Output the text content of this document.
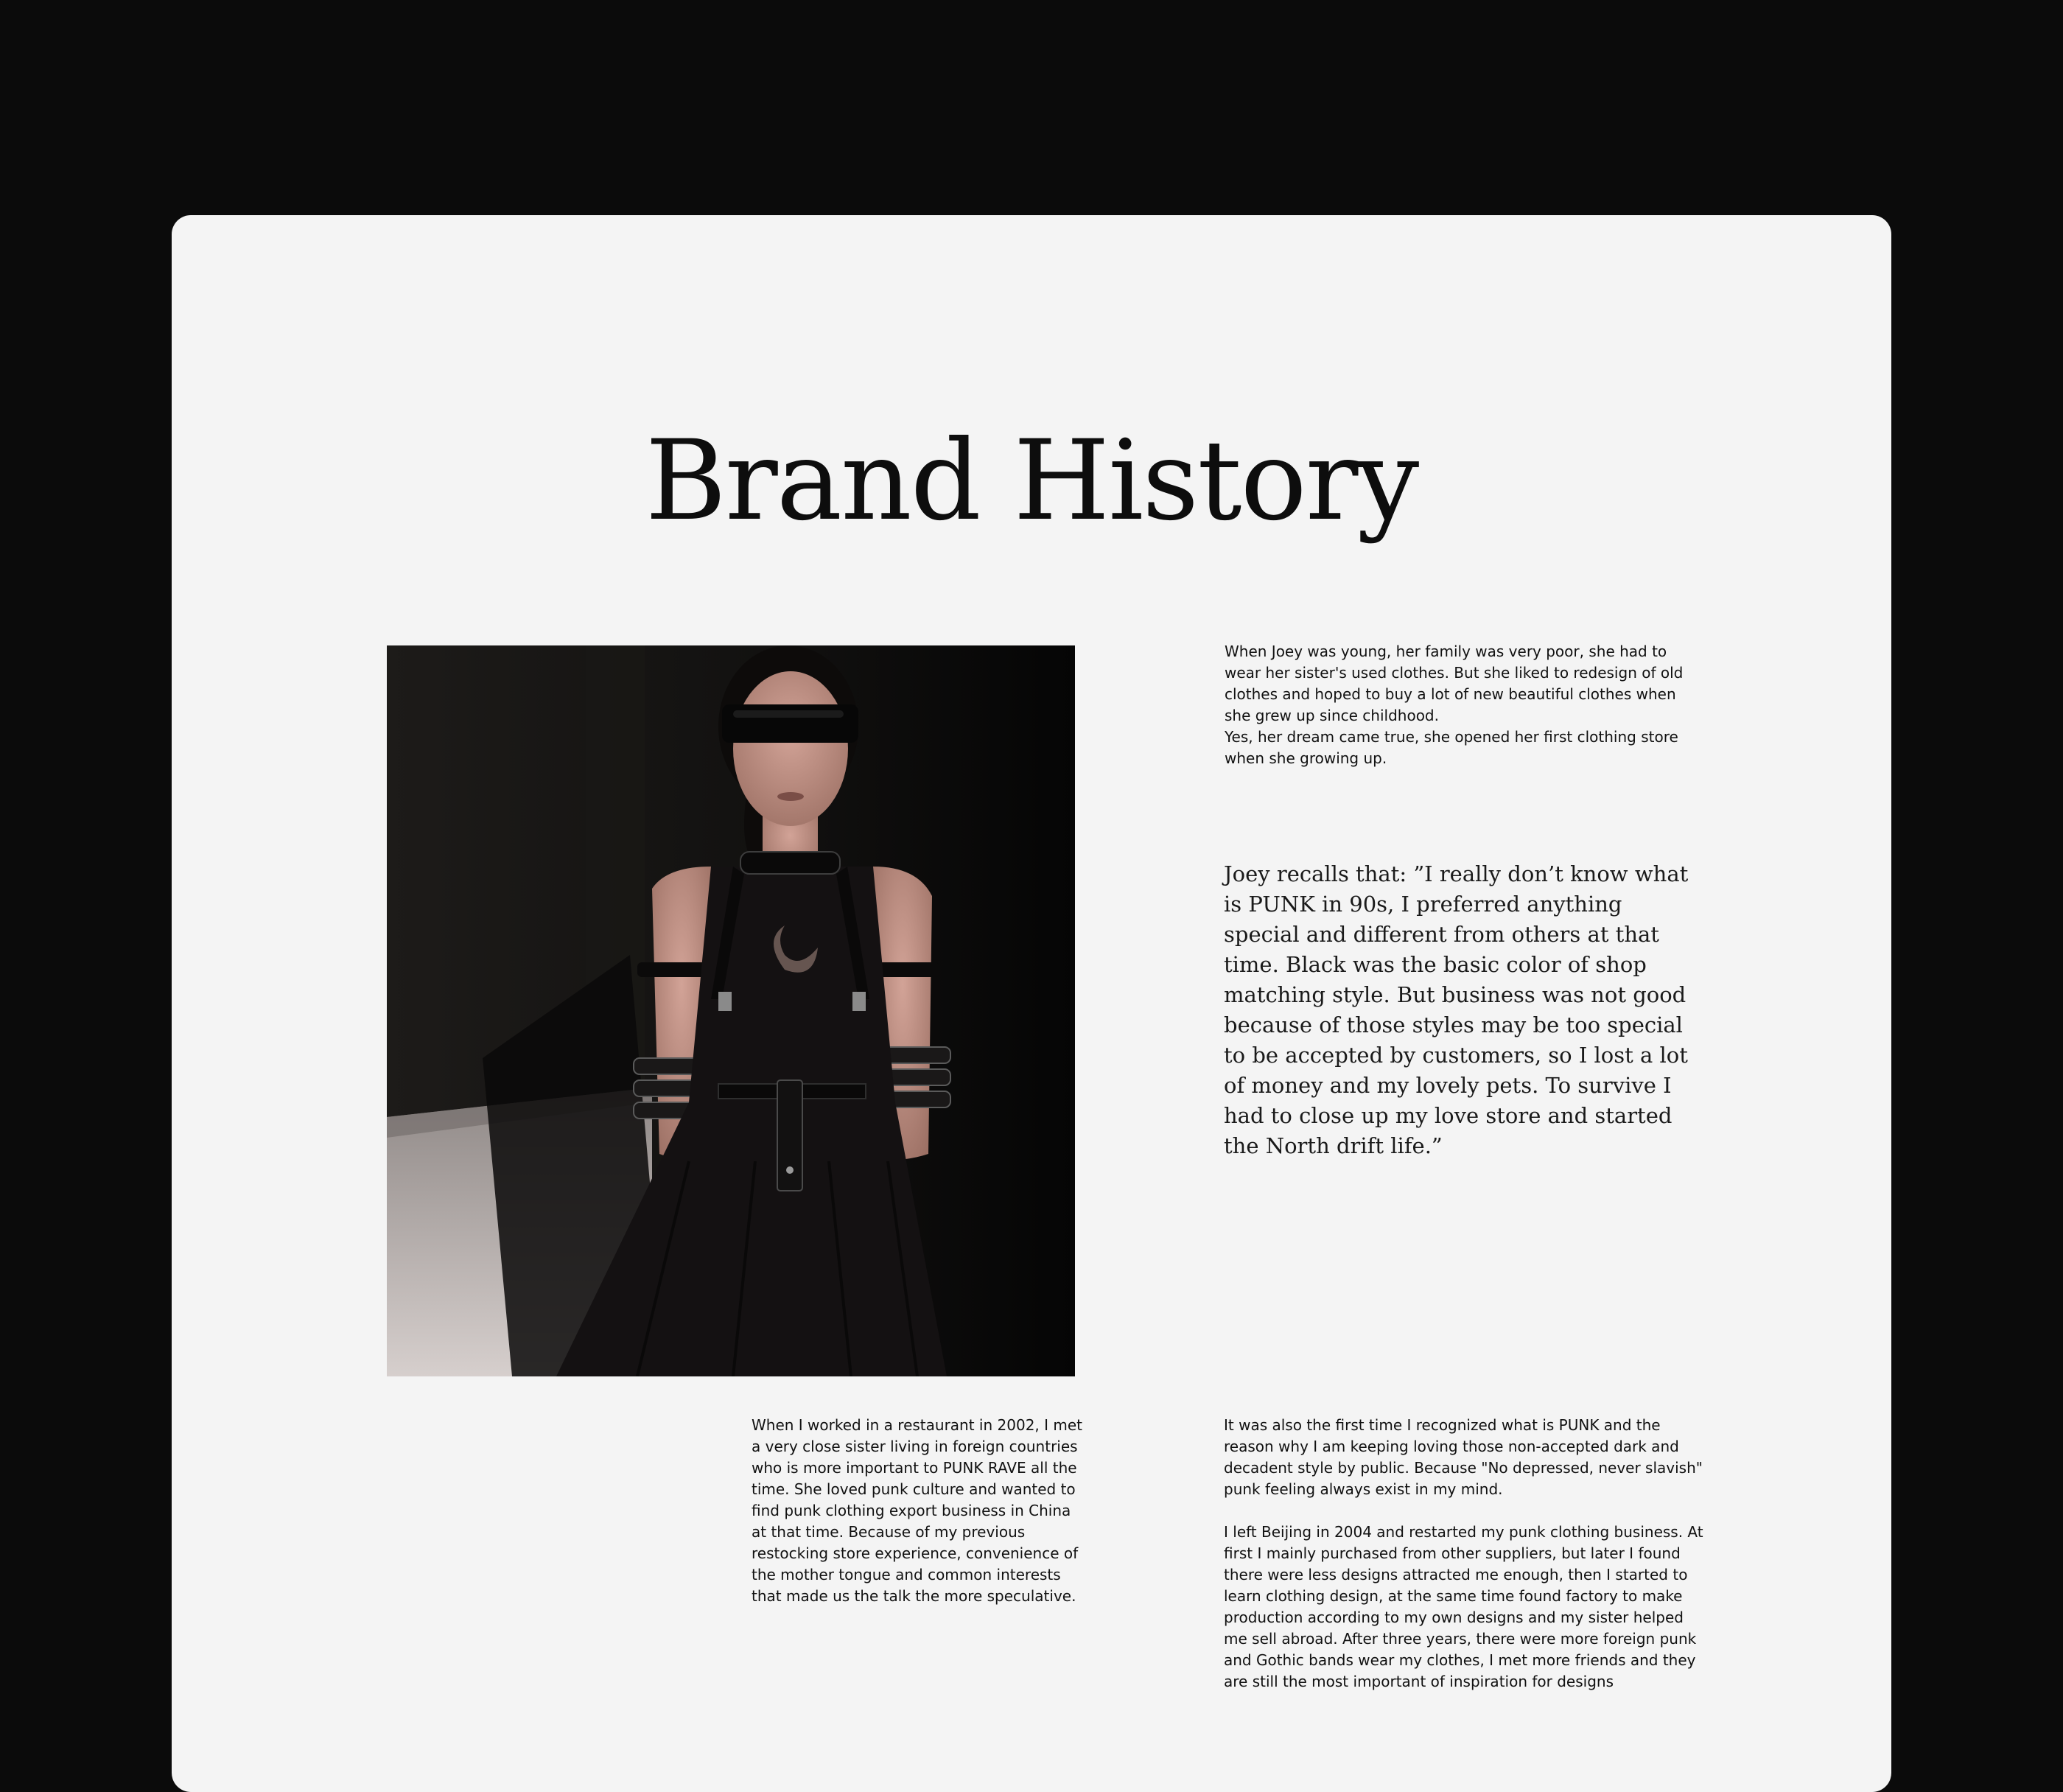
Brand History

When Joey was young, her family was very poor, she had to wear her sister's used clothes. But she liked to redesign of old clothes and hoped to buy a lot of new beautiful clothes when she grew up since childhood.
Yes, her dream came true, she opened her first clothing store when she growing up.

Joey recalls that: ”I really don’t know what is PUNK in 90s, I preferred anything special and different from others at that time. Black was the basic color of shop matching style. But business was not good because of those styles may be too special to be accepted by customers, so I lost a lot of money and my lovely pets. To survive I had to close up my love store and started the North drift life.”

When I worked in a restaurant in 2002, I met a very close sister living in foreign countries who is more important to PUNK RAVE all the time. She loved punk culture and wanted to find punk clothing export business in China at that time. Because of my previous restocking store experience, convenience of the mother tongue and common interests that made us the talk the more speculative.

It was also the first time I recognized what is PUNK and the reason why I am keeping loving those non-accepted dark and decadent style by public. Because "No depressed, never slavish" punk feeling always exist in my mind.

I left Beijing in 2004 and restarted my punk clothing business. At first I mainly purchased from other suppliers, but later I found there were less designs attracted me enough, then I started to learn clothing design, at the same time found factory to make production according to my own designs and my sister helped me sell abroad. After three years, there were more foreign punk and Gothic bands wear my clothes, I met more friends and they are still the most important of inspiration for designs
